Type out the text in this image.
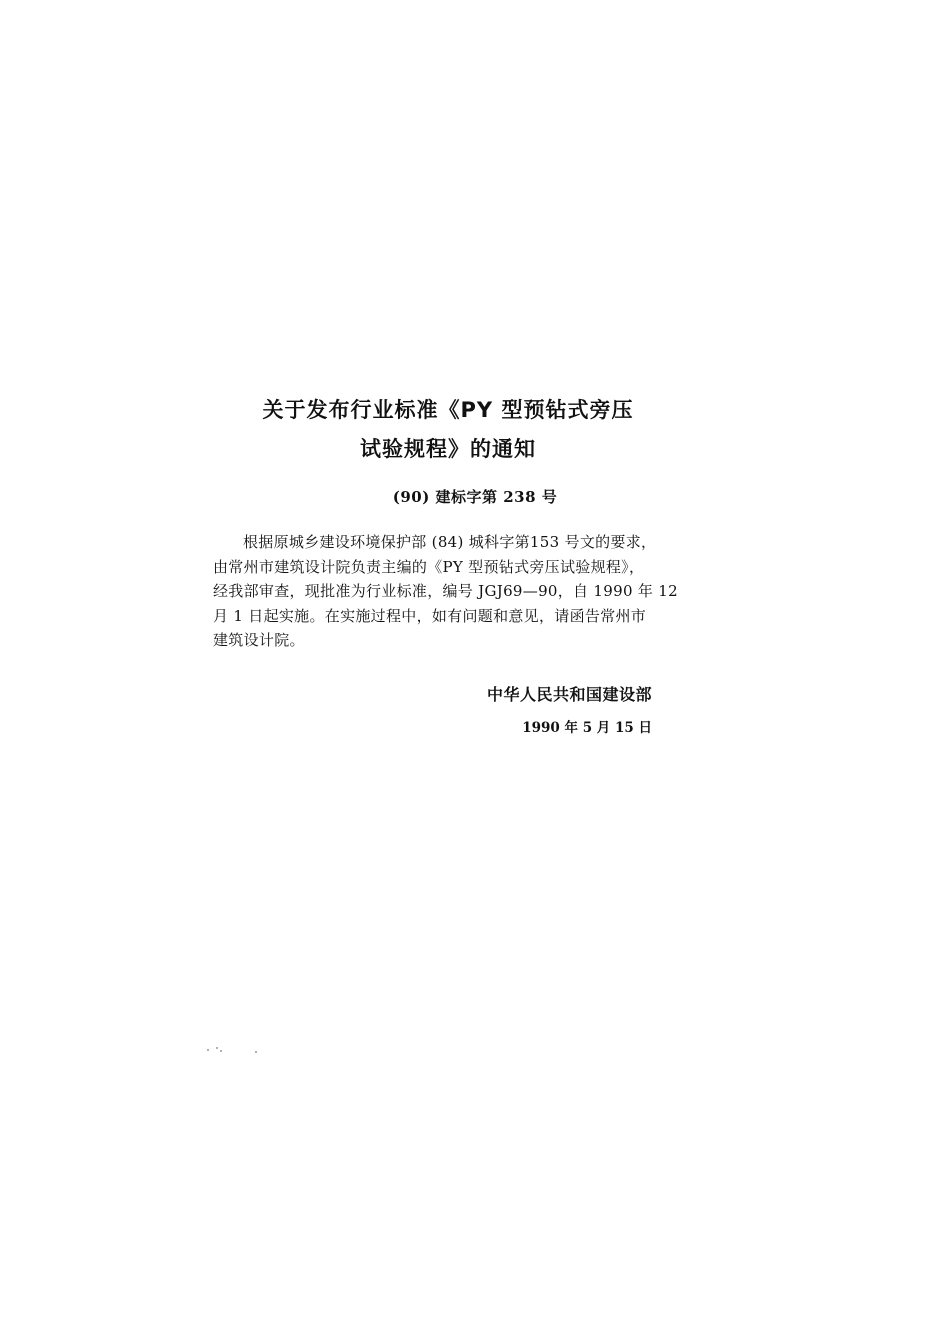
关于发布行业标准《PY 型预钻式旁压
试验规程》的通知
(90) 建标字第 238 号
根据原城乡建设环境保护部 (84) 城科字第153 号文的要求，
由常州市建筑设计院负责主编的《PY 型预钻式旁压试验规程》，
经我部审查，现批准为行业标准，编号 JGJ69—90，自 1990 年 12
月 1 日起实施。在实施过程中，如有问题和意见，请函告常州市
建筑设计院。
中华人民共和国建设部
1990 年 5 月 15 日
